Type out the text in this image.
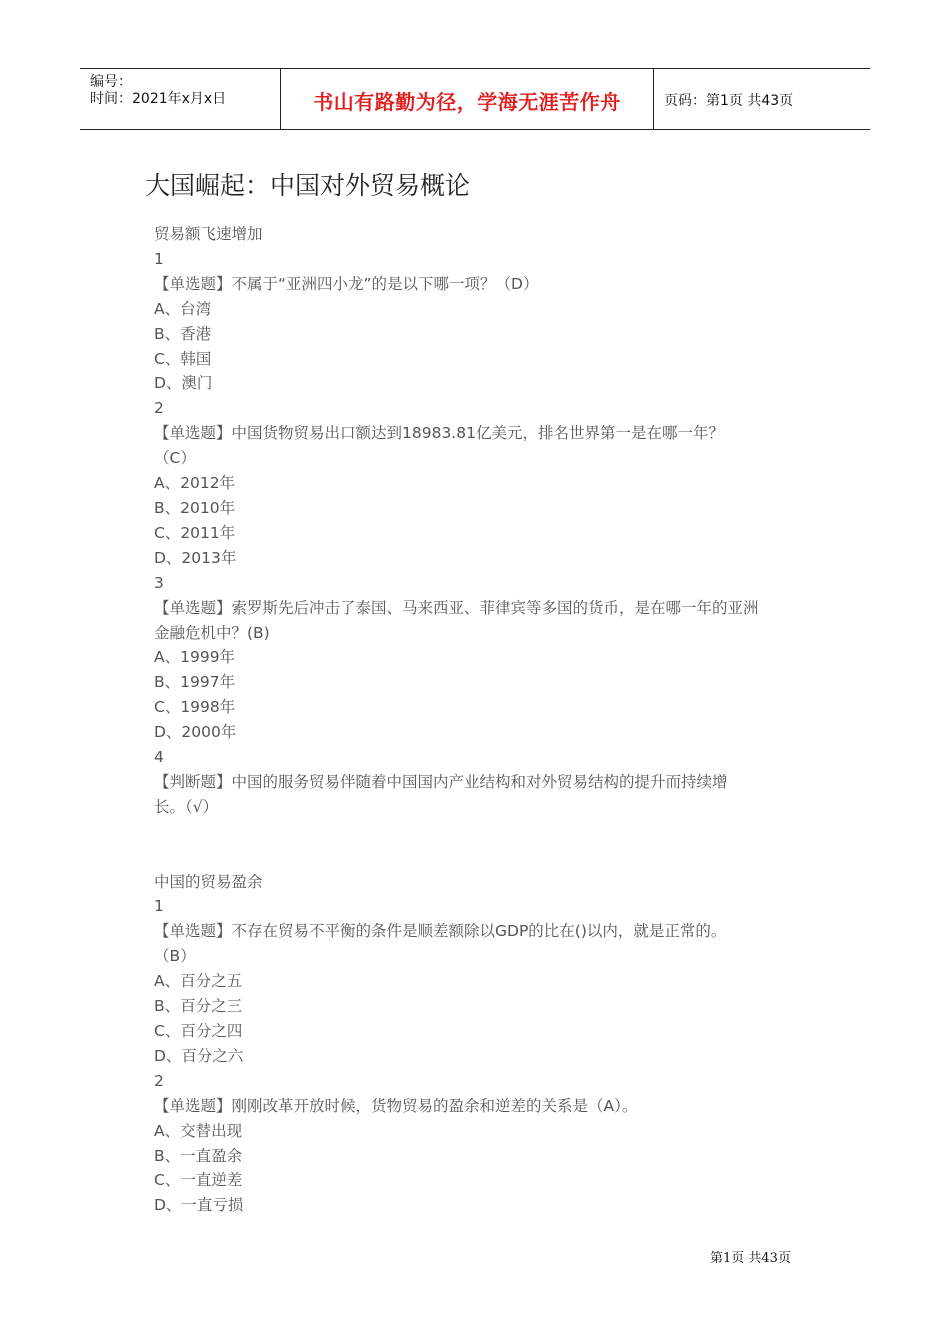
编号：
时间：2021年x月x日	书山有路勤为径，学海无涯苦作舟	页码：第1页 共43页
大国崛起：中国对外贸易概论
贸易额飞速增加
1
【单选题】不属于“亚洲四小龙”的是以下哪一项？（D）
A、台湾
B、香港
C、韩国
D、澳门
2
【单选题】中国货物贸易出口额达到18983.81亿美元，排名世界第一是在哪一年？
（C）
A、2012年
B、2010年
C、2011年
D、2013年
3
【单选题】索罗斯先后冲击了泰国、马来西亚、菲律宾等多国的货币，是在哪一年的亚洲
金融危机中？(B)
A、1999年
B、1997年
C、1998年
D、2000年
4
【判断题】中国的服务贸易伴随着中国国内产业结构和对外贸易结构的提升而持续增
长。（√）
中国的贸易盈余
1
【单选题】不存在贸易不平衡的条件是顺差额除以GDP的比在()以内，就是正常的。
（B）
A、百分之五
B、百分之三
C、百分之四
D、百分之六
2
【单选题】刚刚改革开放时候，货物贸易的盈余和逆差的关系是（A）。
A、交替出现
B、一直盈余
C、一直逆差
D、一直亏损
第1页 共43页
